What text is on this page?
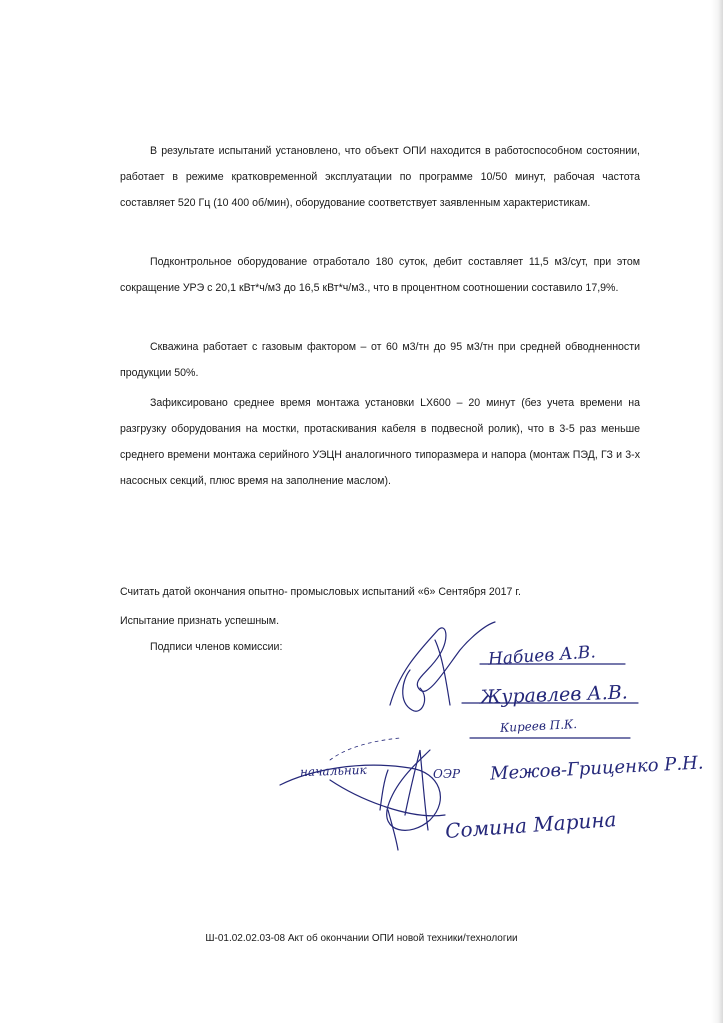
В результате испытаний установлено, что объект ОПИ находится в работоспособном состоянии, работает в режиме кратковременной эксплуатации по программе 10/50 минут, рабочая частота составляет 520 Гц (10 400 об/мин), оборудование соответствует заявленным характеристикам.

Подконтрольное оборудование отработало 180 суток, дебит составляет 11,5 м3/сут, при этом сокращение УРЭ с 20,1 кВт*ч/м3 до 16,5 кВт*ч/м3., что в процентном соотношении составило 17,9%.

Скважина работает с газовым фактором – от 60 м3/тн до 95 м3/тн при средней обводненности продукции 50%.

Зафиксировано среднее время монтажа установки LX600 – 20 минут (без учета времени на разгрузку оборудования на мостки, протаскивания кабеля в подвесной ролик), что в 3-5 раз меньше среднего времени монтажа серийного УЭЦН аналогичного типоразмера и напора (монтаж ПЭД, ГЗ и 3-х насосных секций, плюс время на заполнение маслом).

Считать датой окончания опытно- промысловых испытаний «6» Сентября 2017 г.

Испытание признать успешным.

Подписи членов комиссии:	Набиев А.В.
Журавлев А.В.
Киреев П.К.
начальник	ОЭР Межов-Гриценко Р.Н.
Сомина Марина

Ш-01.02.02.03-08 Акт об окончании ОПИ новой техники/технологии
